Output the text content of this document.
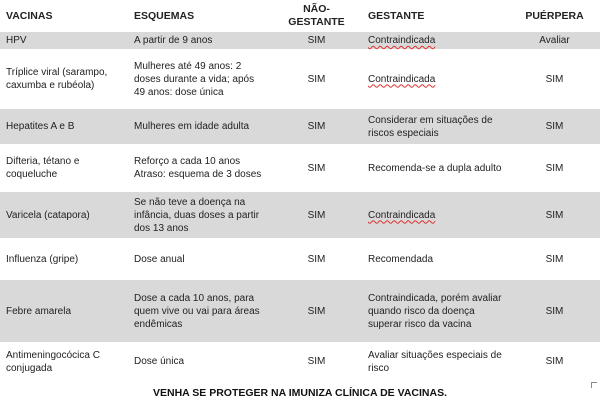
VACINAS	ESQUEMAS	NÃO-GESTANTE	GESTANTE	PUÉRPERA
HPV	A partir de 9 anos	SIM	Contraindicada	Avaliar
Tríplice viral (sarampo, caxumba e rubéola)	Mulheres até 49 anos: 2 doses durante a vida; após 49 anos: dose única	SIM	Contraindicada	SIM
Hepatites A e B	Mulheres em idade adulta	SIM	Considerar em situações de riscos especiais	SIM
Difteria, tétano e coqueluche	Reforço a cada 10 anos Atraso: esquema de 3 doses	SIM	Recomenda-se a dupla adulto	SIM
Varicela (catapora)	Se não teve a doença na infância, duas doses a partir dos 13 anos	SIM	Contraindicada	SIM
Influenza (gripe)	Dose anual	SIM	Recomendada	SIM
Febre amarela	Dose a cada 10 anos, para quem vive ou vai para áreas endêmicas	SIM	Contraindicada, porém avaliar quando risco da doença superar risco da vacina	SIM
Antimeningocócica C conjugada	Dose única	SIM	Avaliar situações especiais de risco	SIM
VENHA SE PROTEGER NA IMUNIZA CLÍNICA DE VACINAS.
